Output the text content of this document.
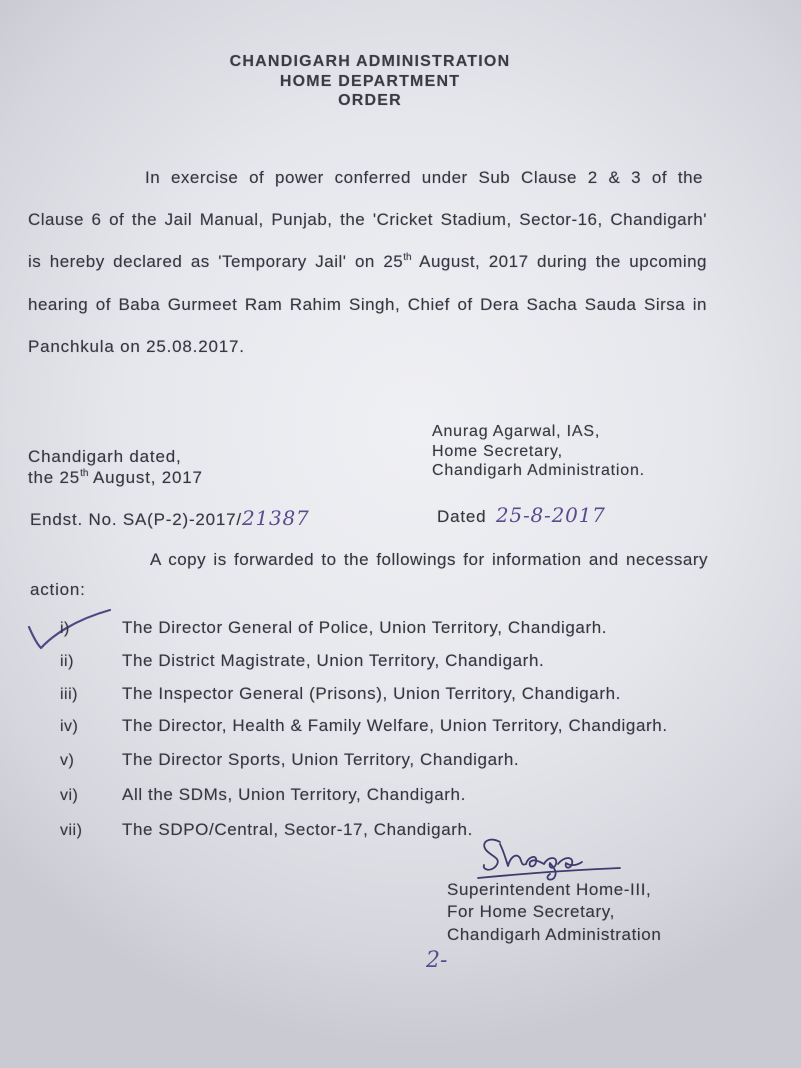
CHANDIGARH ADMINISTRATION
HOME DEPARTMENT
ORDER
In exercise of power conferred under Sub Clause 2 & 3 of the
Clause 6 of the Jail Manual, Punjab, the 'Cricket Stadium, Sector-16, Chandigarh'
is hereby declared as 'Temporary Jail' on 25th August, 2017 during the upcoming
hearing of Baba Gurmeet Ram Rahim Singh, Chief of Dera Sacha Sauda Sirsa in
Panchkula on 25.08.2017.
Chandigarh dated,
the 25th August, 2017
Anurag Agarwal, IAS,
Home Secretary,
Chandigarh Administration.
Endst. No. SA(P-2)-2017/21387	Dated 25-8-2017
A copy is forwarded to the followings for information and necessary
action:
i)	The Director General of Police, Union Territory, Chandigarh.
ii)	The District Magistrate, Union Territory, Chandigarh.
iii)	The Inspector General (Prisons), Union Territory, Chandigarh.
iv)	The Director, Health & Family Welfare, Union Territory, Chandigarh.
v)	The Director Sports, Union Territory, Chandigarh.
vi)	All the SDMs, Union Territory, Chandigarh.
vii) The SDPO/Central, Sector-17, Chandigarh.
Superintendent Home-III,
For Home Secretary,
Chandigarh Administration
2-
